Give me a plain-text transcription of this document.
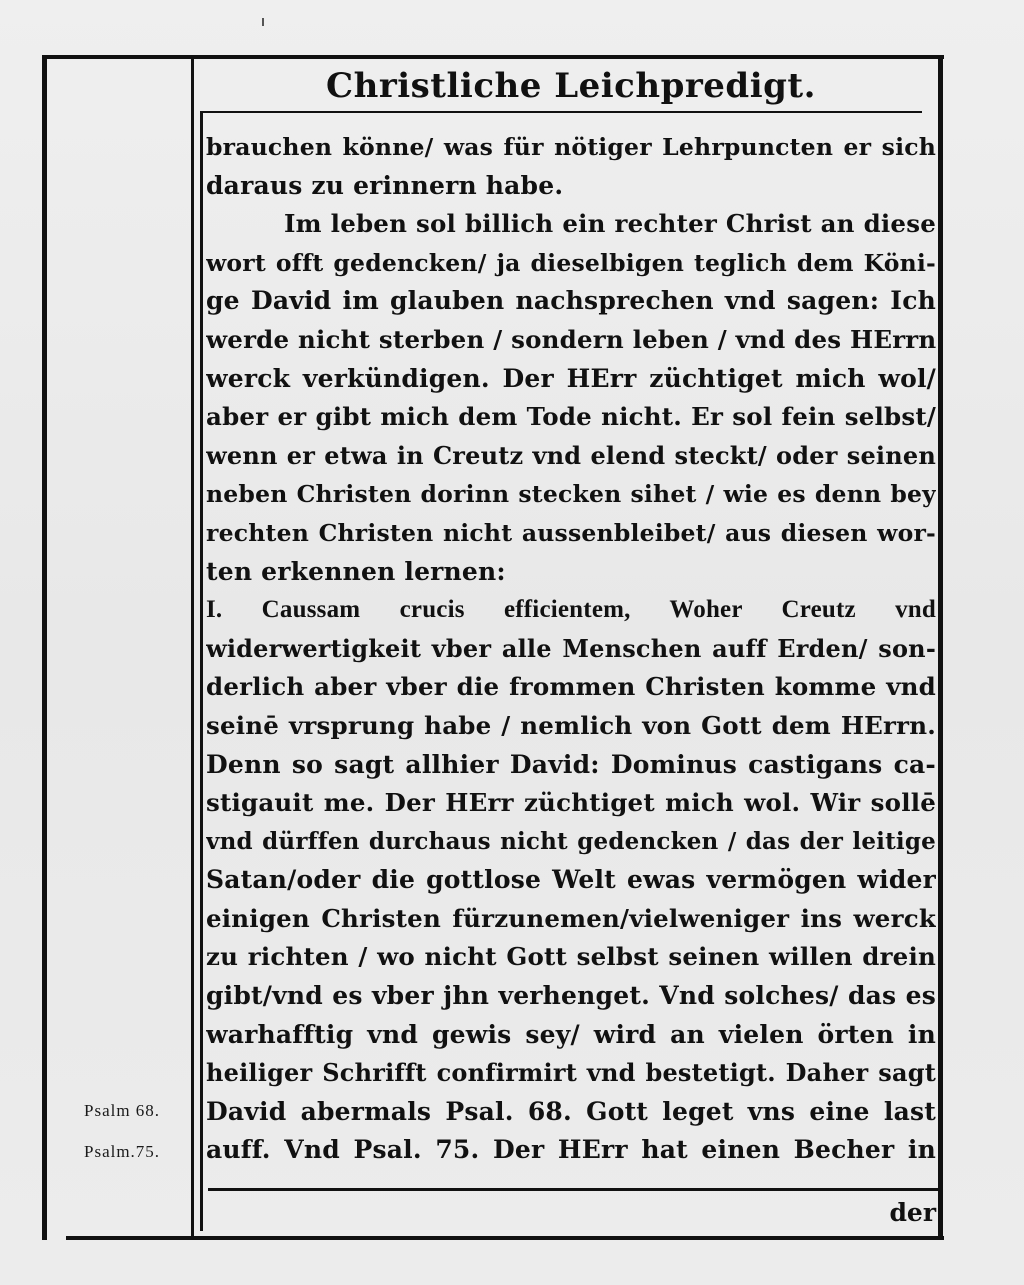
Christliche Leichpredigt.
brauchen könne/ was für nötiger Lehrpuncten er sich
daraus zu erinnern habe.
Im leben sol billich ein rechter Christ an diese
wort offt gedencken/ ja dieselbigen teglich dem Köni-
ge David im glauben nachsprechen vnd sagen: Ich
werde nicht sterben / sondern leben / vnd des HErrn
werck verkündigen. Der HErr züchtiget mich wol/
aber er gibt mich dem Tode nicht. Er sol fein selbst/
wenn er etwa in Creutz vnd elend steckt/ oder seinen
neben Christen dorinn stecken sihet / wie es denn bey
rechten Christen nicht aussenbleibet/ aus diesen wor-
ten erkennen lernen:
I. Caussam crucis efficientem, Woher Creutz vnd
widerwertigkeit vber alle Menschen auff Erden/ son-
derlich aber vber die frommen Christen komme vnd
seinē vrsprung habe / nemlich von Gott dem HErrn.
Denn so sagt allhier David: Dominus castigans ca-
stigauit me. Der HErr züchtiget mich wol. Wir sollē
vnd dürffen durchaus nicht gedencken / das der leitige
Satan/oder die gottlose Welt ewas vermögen wider
einigen Christen fürzunemen/vielweniger ins werck
zu richten / wo nicht Gott selbst seinen willen drein
gibt/vnd es vber jhn verhenget. Vnd solches/ das es
warhafftig vnd gewis sey/ wird an vielen örten in
heiliger Schrifft confirmirt vnd bestetigt. Daher sagt
David abermals Psal. 68. Gott leget vns eine last
auff. Vnd Psal. 75. Der HErr hat einen Becher in
Psalm 68.
Psalm.75.
der
